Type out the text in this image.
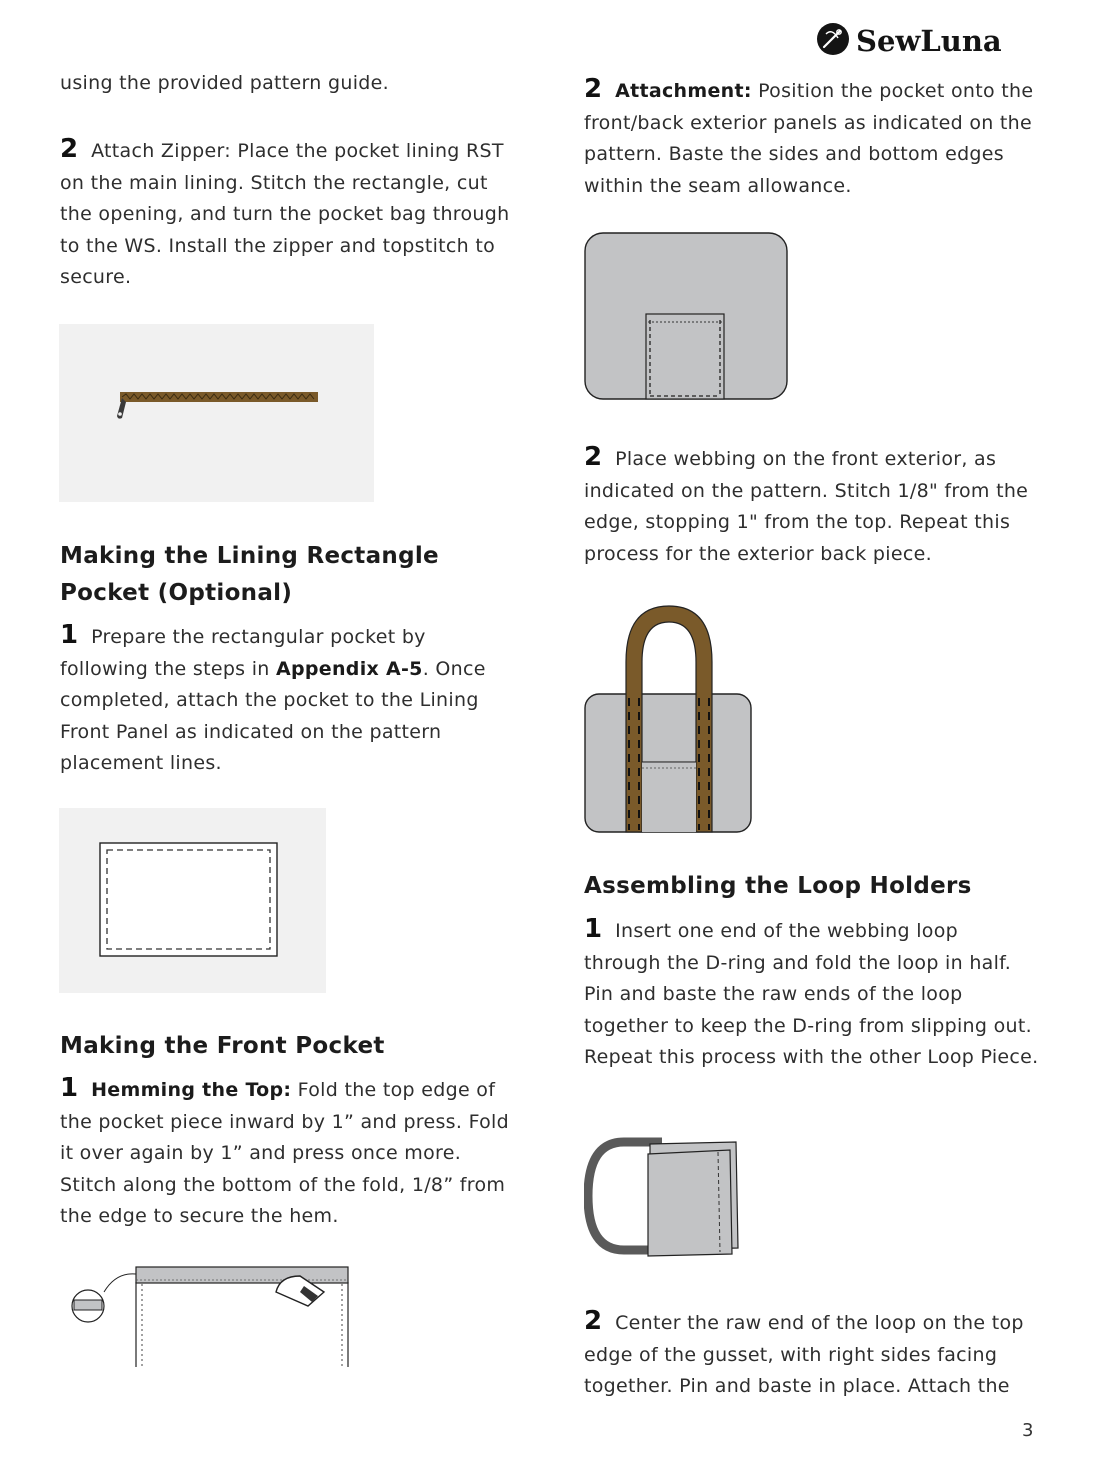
SewLuna

using the provided pattern guide.

2 Attach Zipper: Place the pocket lining RST on the main lining. Stitch the rectangle, cut the opening, and turn the pocket bag through to the WS. Install the zipper and topstitch to secure.

Making the Lining Rectangle
Pocket (Optional)

1 Prepare the rectangular pocket by following the steps in Appendix A-5. Once completed, attach the pocket to the Lining Front Panel as indicated on the pattern placement lines.

Making the Front Pocket

1 Hemming the Top: Fold the top edge of the pocket piece inward by 1” and press. Fold it over again by 1” and press once more. Stitch along the bottom of the fold, 1/8” from the edge to secure the hem.

2 Attachment: Position the pocket onto the front/back exterior panels as indicated on the pattern. Baste the sides and bottom edges within the seam allowance.

2 Place webbing on the front exterior, as indicated on the pattern. Stitch 1/8" from the edge, stopping 1" from the top. Repeat this process for the exterior back piece.

Assembling the Loop Holders

1 Insert one end of the webbing loop through the D-ring and fold the loop in half. Pin and baste the raw ends of the loop together to keep the D-ring from slipping out. Repeat this process with the other Loop Piece.

2 Center the raw end of the loop on the top edge of the gusset, with right sides facing together. Pin and baste in place. Attach the

3
